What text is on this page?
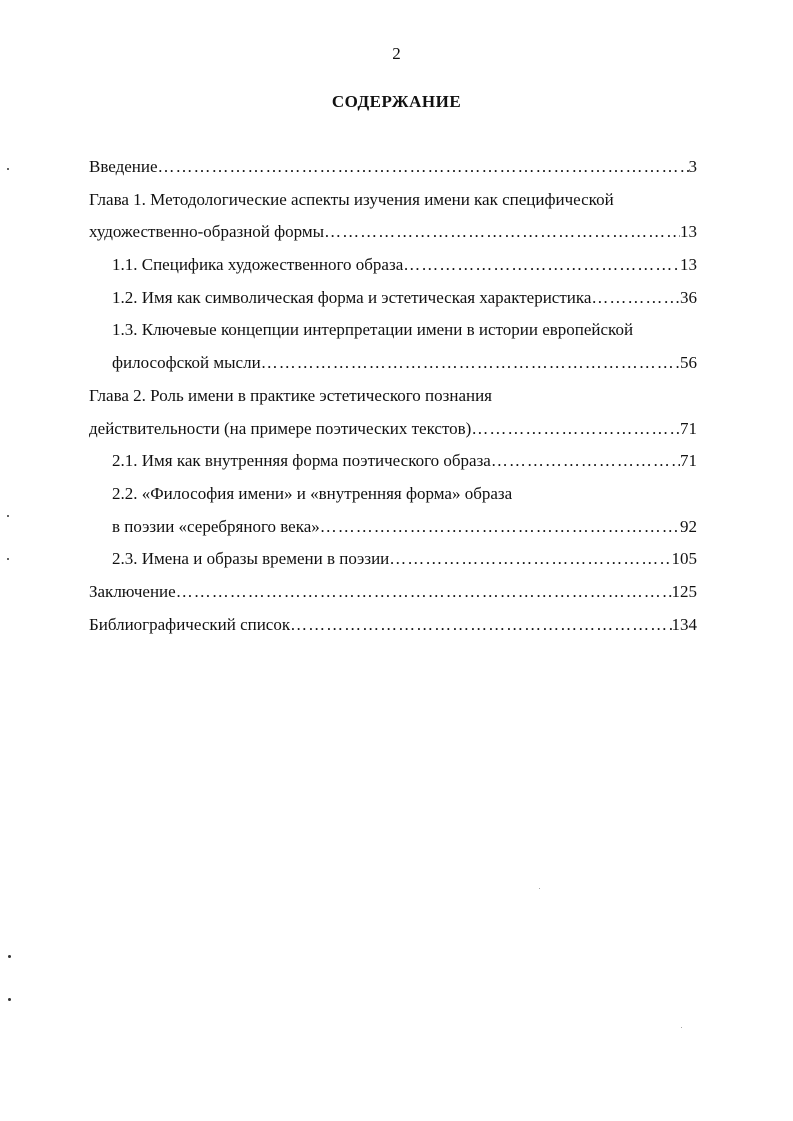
2
СОДЕРЖАНИЕ
Введение ……………………………………………………………………………………………………………………………………………………	3
Глава 1. Методологические аспекты изучения имени как специфической
художественно-образной формы ……………………………………………………………………………………………………………………………………………………	13
1.1. Специфика художественного образа ……………………………………………………………………………………………………………………………………………………	13
1.2. Имя как символическая форма и эстетическая характеристика ……………………………………………………………………………………………………………………………………………………	36
1.3. Ключевые концепции интерпретации имени в истории европейской
философской мысли ……………………………………………………………………………………………………………………………………………………	56
Глава 2. Роль имени в практике эстетического познания
действительности (на примере поэтических текстов) ……………………………………………………………………………………………………………………………………………………	71
2.1. Имя как внутренняя форма поэтического образа ……………………………………………………………………………………………………………………………………………………	71
2.2. «Философия имени» и «внутренняя форма» образа
в поэзии «серебряного века» ……………………………………………………………………………………………………………………………………………………	92
2.3. Имена и образы времени в поэзии ……………………………………………………………………………………………………………………………………………………	105
Заключение ……………………………………………………………………………………………………………………………………………………	125
Библиографический список ……………………………………………………………………………………………………………………………………………………	134
